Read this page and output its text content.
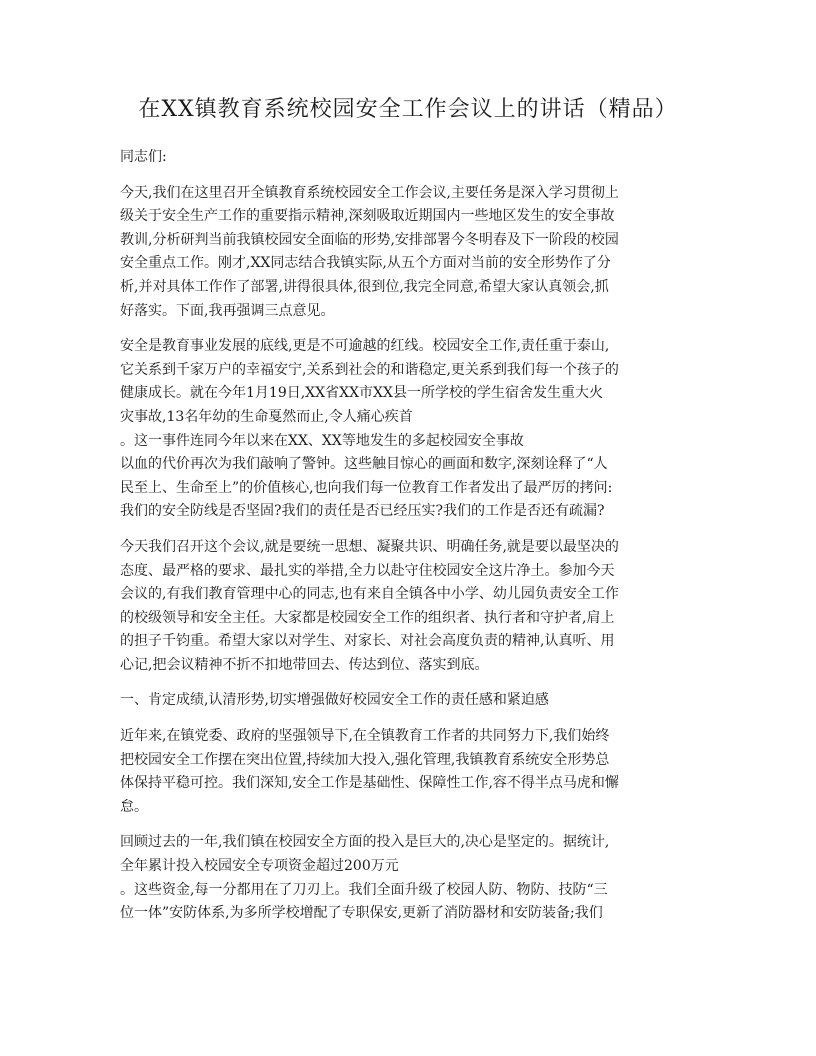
在XX镇教育系统校园安全工作会议上的讲话（精品）

同志们:

今天,我们在这里召开全镇教育系统校园安全工作会议,主要任务是深入学习贯彻上
级关于安全生产工作的重要指示精神,深刻吸取近期国内一些地区发生的安全事故
教训,分析研判当前我镇校园安全面临的形势,安排部署今冬明春及下一阶段的校园
安全重点工作。刚才,XX同志结合我镇实际,从五个方面对当前的安全形势作了分
析,并对具体工作作了部署,讲得很具体,很到位,我完全同意,希望大家认真领会,抓
好落实。下面,我再强调三点意见。

安全是教育事业发展的底线,更是不可逾越的红线。校园安全工作,责任重于泰山,
它关系到千家万户的幸福安宁,关系到社会的和谐稳定,更关系到我们每一个孩子的
健康成长。就在今年1月19日,XX省XX市XX县一所学校的学生宿舍发生重大火
灾事故,13名年幼的生命戛然而止,令人痛心疾首
。这一事件连同今年以来在XX、XX等地发生的多起校园安全事故
以血的代价再次为我们敲响了警钟。这些触目惊心的画面和数字,深刻诠释了“人
民至上、生命至上”的价值核心,也向我们每一位教育工作者发出了最严厉的拷问:
我们的安全防线是否坚固?我们的责任是否已经压实?我们的工作是否还有疏漏?

今天我们召开这个会议,就是要统一思想、凝聚共识、明确任务,就是要以最坚决的
态度、最严格的要求、最扎实的举措,全力以赴守住校园安全这片净土。参加今天
会议的,有我们教育管理中心的同志,也有来自全镇各中小学、幼儿园负责安全工作
的校级领导和安全主任。大家都是校园安全工作的组织者、执行者和守护者,肩上
的担子千钧重。希望大家以对学生、对家长、对社会高度负责的精神,认真听、用
心记,把会议精神不折不扣地带回去、传达到位、落实到底。

一、肯定成绩,认清形势,切实增强做好校园安全工作的责任感和紧迫感

近年来,在镇党委、政府的坚强领导下,在全镇教育工作者的共同努力下,我们始终
把校园安全工作摆在突出位置,持续加大投入,强化管理,我镇教育系统安全形势总
体保持平稳可控。我们深知,安全工作是基础性、保障性工作,容不得半点马虎和懈
怠。

回顾过去的一年,我们镇在校园安全方面的投入是巨大的,决心是坚定的。据统计,
全年累计投入校园安全专项资金超过200万元
。这些资金,每一分都用在了刀刃上。我们全面升级了校园人防、物防、技防“三
位一体”安防体系,为多所学校增配了专职保安,更新了消防器材和安防装备;我们
